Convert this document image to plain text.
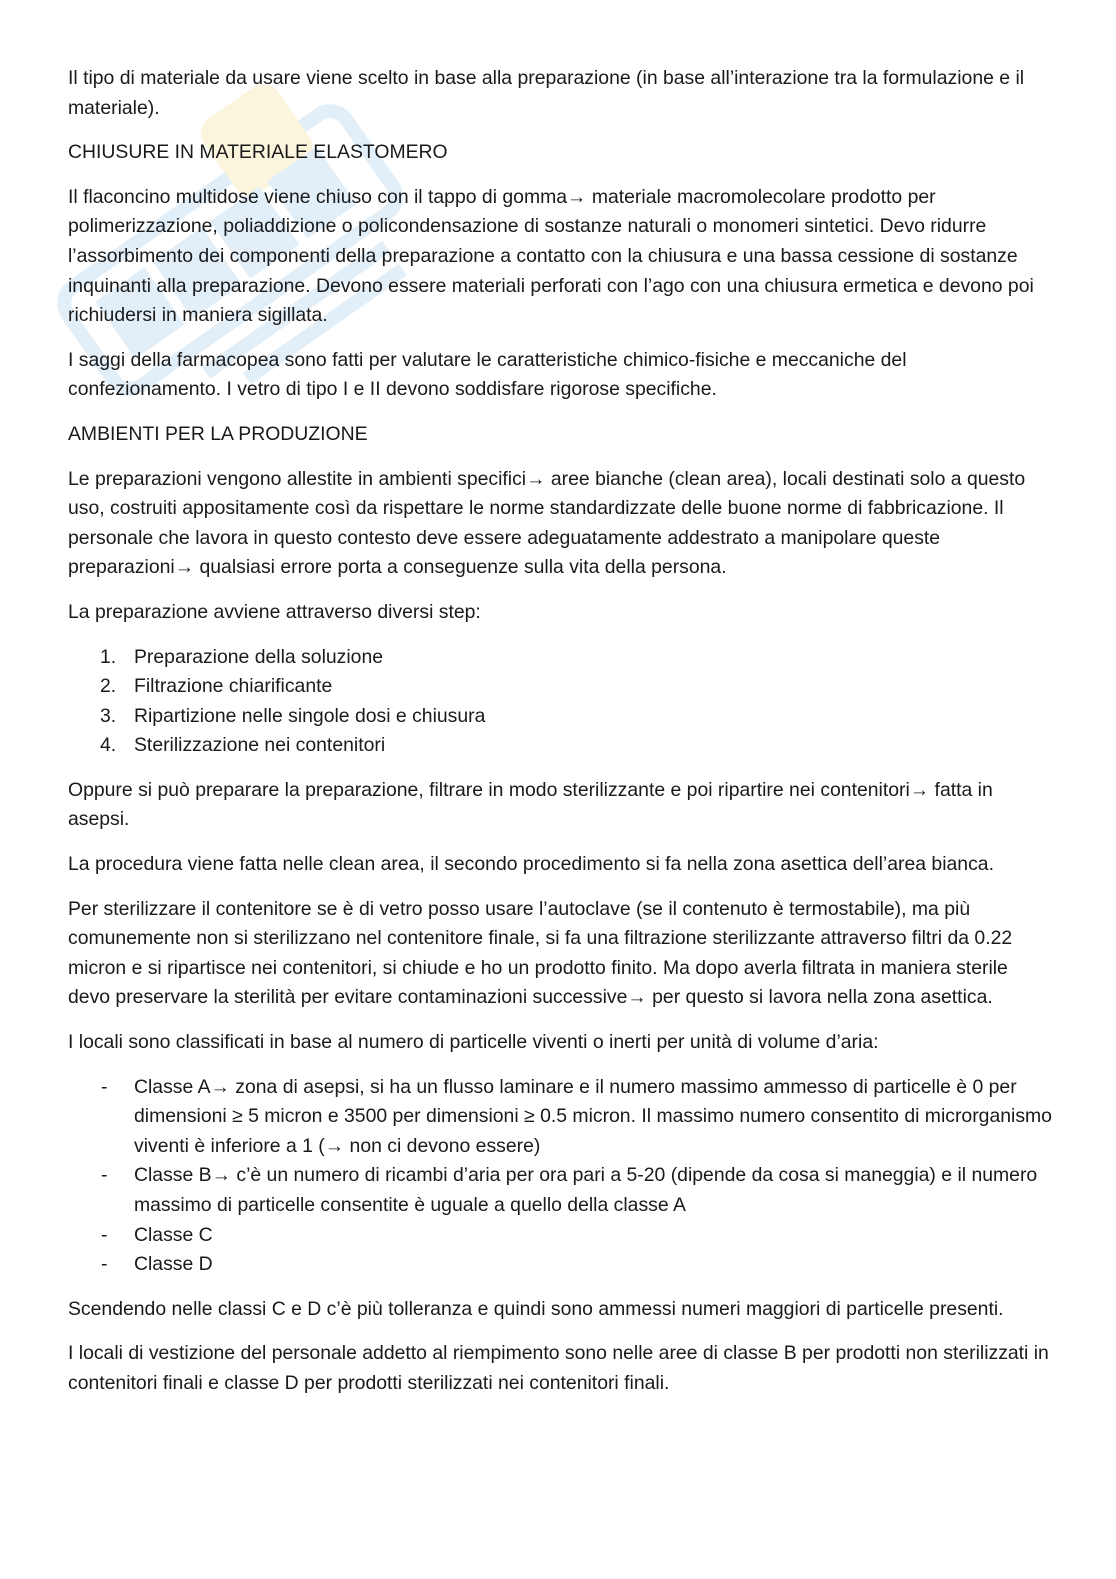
Il tipo di materiale da usare viene scelto in base alla preparazione (in base all’interazione tra la formulazione e il materiale).

CHIUSURE IN MATERIALE ELASTOMERO

Il flaconcino multidose viene chiuso con il tappo di gomma→ materiale macromolecolare prodotto per polimerizzazione, poliaddizione o policondensazione di sostanze naturali o monomeri sintetici. Devo ridurre l’assorbimento dei componenti della preparazione a contatto con la chiusura e una bassa cessione di sostanze inquinanti alla preparazione. Devono essere materiali perforati con l’ago con una chiusura ermetica e devono poi richiudersi in maniera sigillata.

I saggi della farmacopea sono fatti per valutare le caratteristiche chimico-fisiche e meccaniche del confezionamento. I vetro di tipo I e II devono soddisfare rigorose specifiche.

AMBIENTI PER LA PRODUZIONE

Le preparazioni vengono allestite in ambienti specifici→ aree bianche (clean area), locali destinati solo a questo uso, costruiti appositamente così da rispettare le norme standardizzate delle buone norme di fabbricazione. Il personale che lavora in questo contesto deve essere adeguatamente addestrato a manipolare queste preparazioni→ qualsiasi errore porta a conseguenze sulla vita della persona.

La preparazione avviene attraverso diversi step:

1. Preparazione della soluzione
2. Filtrazione chiarificante
3. Ripartizione nelle singole dosi e chiusura
4. Sterilizzazione nei contenitori

Oppure si può preparare la preparazione, filtrare in modo sterilizzante e poi ripartire nei contenitori→ fatta in asepsi.

La procedura viene fatta nelle clean area, il secondo procedimento si fa nella zona asettica dell’area bianca.

Per sterilizzare il contenitore se è di vetro posso usare l’autoclave (se il contenuto è termostabile), ma più comunemente non si sterilizzano nel contenitore finale, si fa una filtrazione sterilizzante attraverso filtri da 0.22 micron e si ripartisce nei contenitori, si chiude e ho un prodotto finito. Ma dopo averla filtrata in maniera sterile devo preservare la sterilità per evitare contaminazioni successive→ per questo si lavora nella zona asettica.

I locali sono classificati in base al numero di particelle viventi o inerti per unità di volume d’aria:

- Classe A→ zona di asepsi, si ha un flusso laminare e il numero massimo ammesso di particelle è 0 per dimensioni ≥ 5 micron e 3500 per dimensioni ≥ 0.5 micron. Il massimo numero consentito di microrganismo viventi è inferiore a 1 (→ non ci devono essere)
- Classe B→ c’è un numero di ricambi d’aria per ora pari a 5-20 (dipende da cosa si maneggia) e il numero massimo di particelle consentite è uguale a quello della classe A
- Classe C
- Classe D

Scendendo nelle classi C e D c’è più tolleranza e quindi sono ammessi numeri maggiori di particelle presenti.

I locali di vestizione del personale addetto al riempimento sono nelle aree di classe B per prodotti non sterilizzati in contenitori finali e classe D per prodotti sterilizzati nei contenitori finali.
